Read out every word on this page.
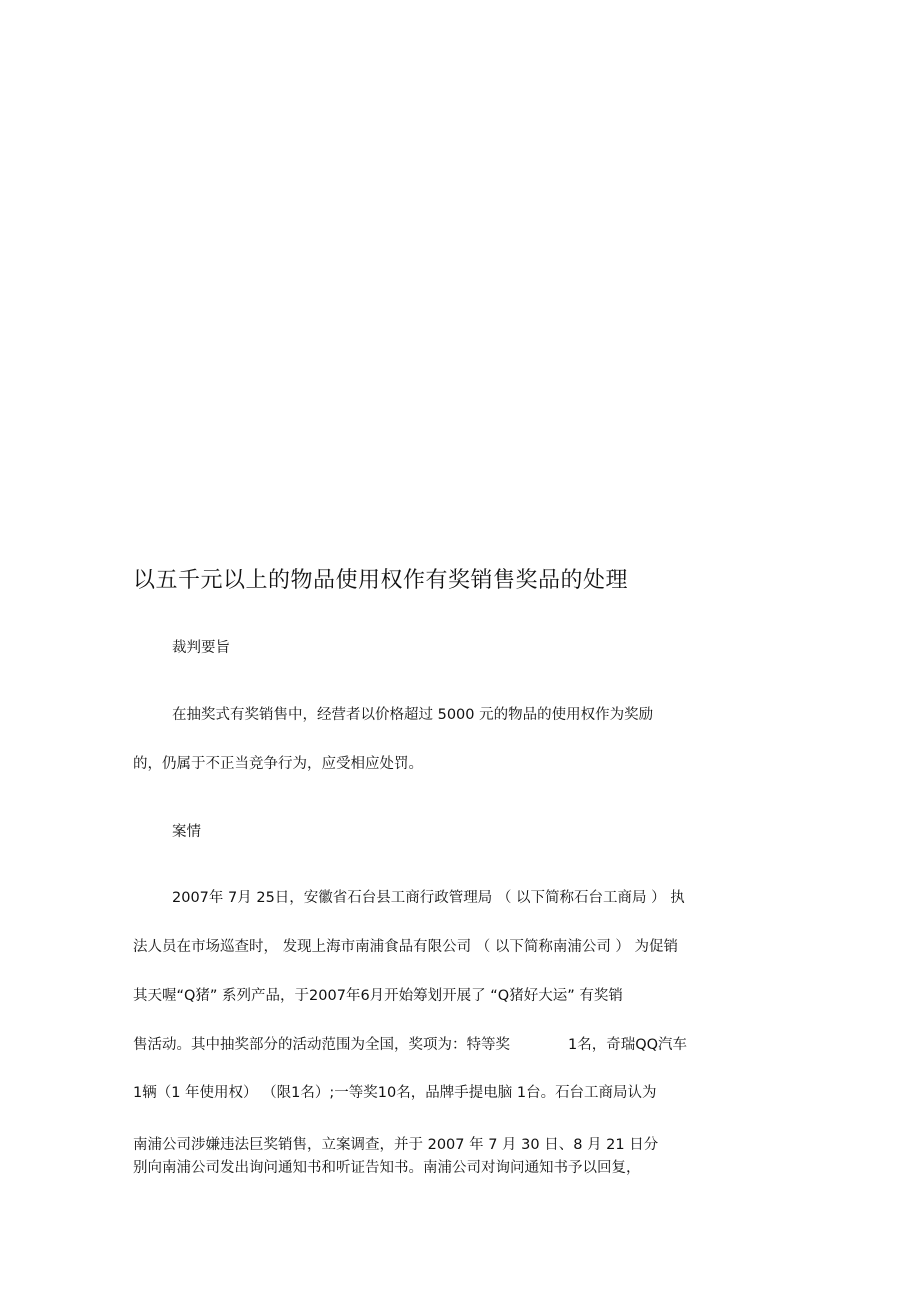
以五千元以上的物品使用权作有奖销售奖品的处理
裁判要旨
在抽奖式有奖销售中，经营者以价格超过 5000 元的物品的使用权作为奖励
的，仍属于不正当竞争行为，应受相应处罚。
案情
2007年 7月 25日，安徽省石台县工商行政管理局 （ 以下简称石台工商局 ） 执
法人员在市场巡查时， 发现上海市南浦食品有限公司 （ 以下简称南浦公司 ） 为促销
其天喔“Q猪” 系列产品，于2007年6月开始筹划开展了 “Q猪好大运” 有奖销
售活动。其中抽奖部分的活动范围为全国，奖项为：特等奖	1名，奇瑞QQ汽车
1辆（1 年使用权） （限1名）;一等奖10名，品牌手提电脑 1台。石台工商局认为
南浦公司涉嫌违法巨奖销售，立案调查，并于 2007 年 7 月 30 日、8 月 21 日分
别向南浦公司发出询问通知书和听证告知书。南浦公司对询问通知书予以回复，
